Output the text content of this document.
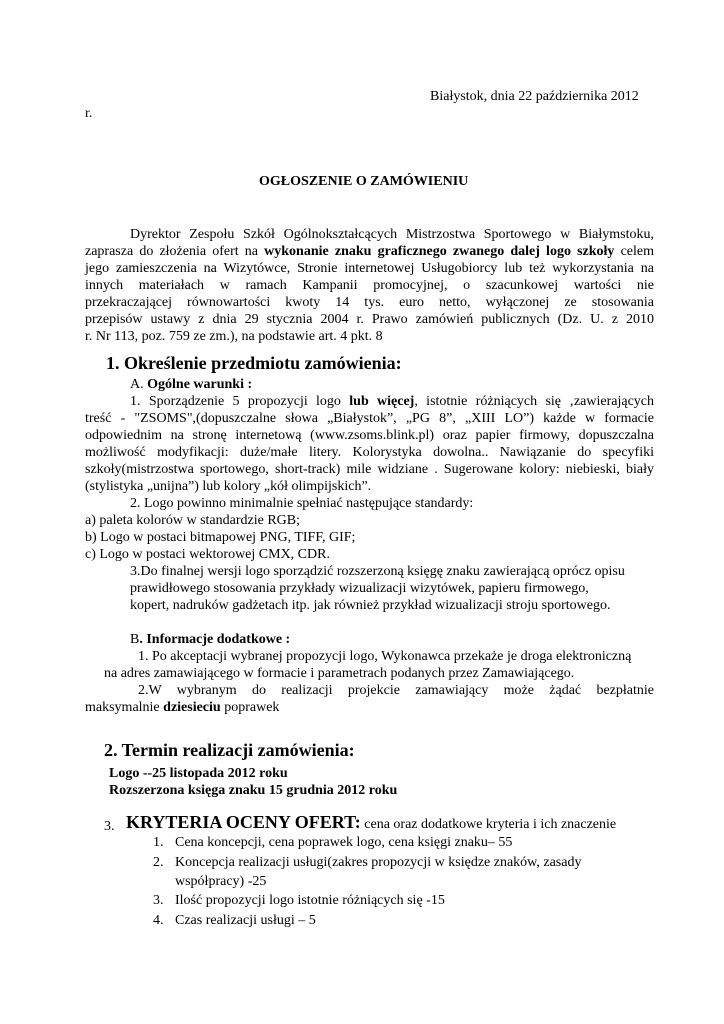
Białystok, dnia 22 października 2012
r.
OGŁOSZENIE O ZAMÓWIENIU
Dyrektor Zespołu Szkół Ogólnokształcących Mistrzostwa Sportowego w Białymstoku,
zaprasza do złożenia ofert na wykonanie znaku graficznego zwanego dalej logo szkoły celem
jego zamieszczenia na Wizytówce, Stronie internetowej Usługobiorcy lub też wykorzystania na
innych materiałach w ramach Kampanii promocyjnej, o szacunkowej wartości nie
przekraczającej równowartości kwoty 14 tys. euro netto, wyłączonej ze stosowania
przepisów ustawy z dnia 29 stycznia 2004 r. Prawo zamówień publicznych (Dz. U. z 2010
r. Nr 113, poz. 759 ze zm.), na podstawie art. 4 pkt. 8
1. Określenie przedmiotu zamówienia:
A. Ogólne warunki :
1. Sporządzenie 5 propozycji logo lub więcej, istotnie różniących się ‚zawierających
treść - "ZSOMS",(dopuszczalne słowa „Białystok”, „PG 8”, „XIII LO”) każde w formacie
odpowiednim na stronę internetową (www.zsoms.blink.pl) oraz papier firmowy, dopuszczalna
możliwość modyfikacji: duże/małe litery. Kolorystyka dowolna.. Nawiązanie do specyfiki
szkoły(mistrzostwa sportowego, short-track) mile widziane . Sugerowane kolory: niebieski, biały
(stylistyka „unijna”) lub kolory „kół olimpijskich”.
2. Logo powinno minimalnie spełniać następujące standardy:
a) paleta kolorów w standardzie RGB;
b) Logo w postaci bitmapowej PNG, TIFF, GIF;
c) Logo w postaci wektorowej CMX, CDR.
3.Do finalnej wersji logo sporządzić rozszerzoną księgę znaku zawierającą oprócz opisu
prawidłowego stosowania przykłady wizualizacji wizytówek, papieru firmowego,
kopert, nadruków gadżetach itp. jak również przykład wizualizacji stroju sportowego.
B. Informacje dodatkowe :
1. Po akceptacji wybranej propozycji logo, Wykonawca przekaże je droga elektroniczną
na adres zamawiającego w formacie i parametrach podanych przez Zamawiającego.
2.W wybranym do realizacji projekcie zamawiający może żądać bezpłatnie
maksymalnie dziesieciu poprawek
2. Termin realizacji zamówienia:
Logo --25 listopada 2012 roku
Rozszerzona księga znaku 15 grudnia 2012 roku
3. KRYTERIA OCENY OFERT: cena oraz dodatkowe kryteria i ich znaczenie
1. Cena koncepcji, cena poprawek logo, cena księgi znaku– 55
2. Koncepcja realizacji usługi(zakres propozycji w księdze znaków, zasady
współpracy) -25
3. Ilość propozycji logo istotnie różniących się -15
4. Czas realizacji usługi – 5
